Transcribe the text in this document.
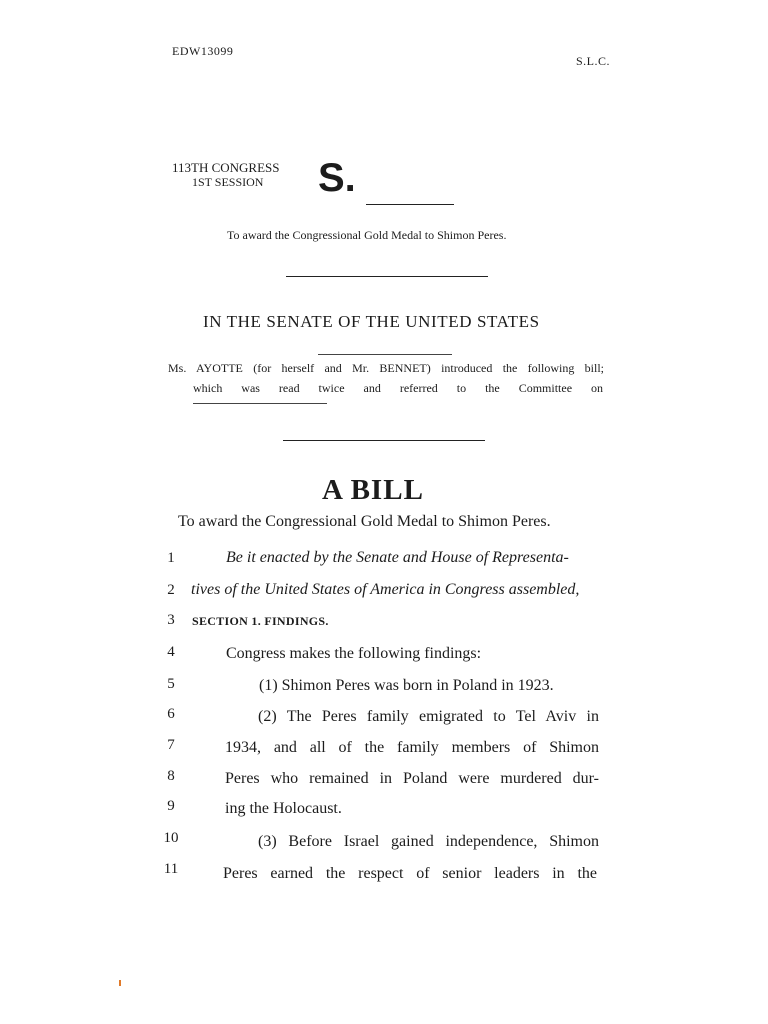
EDW13099
S.L.C.
113TH CONGRESS
1ST SESSION S.
To award the Congressional Gold Medal to Shimon Peres.
IN THE SENATE OF THE UNITED STATES
Ms. AYOTTE (for herself and Mr. BENNET) introduced the following bill;
which was read twice and referred to the Committee on
A BILL
To award the Congressional Gold Medal to Shimon Peres.
1	Be it enacted by the Senate and House of Representa-
2	tives of the United States of America in Congress assembled,
3	SECTION 1. FINDINGS.
4	Congress makes the following findings:
5	(1) Shimon Peres was born in Poland in 1923.
6	(2) The Peres family emigrated to Tel Aviv in
7	1934, and all of the family members of Shimon
8	Peres who remained in Poland were murdered dur-
9	ing the Holocaust.
10	(3) Before Israel gained independence, Shimon
11	Peres earned the respect of senior leaders in the
